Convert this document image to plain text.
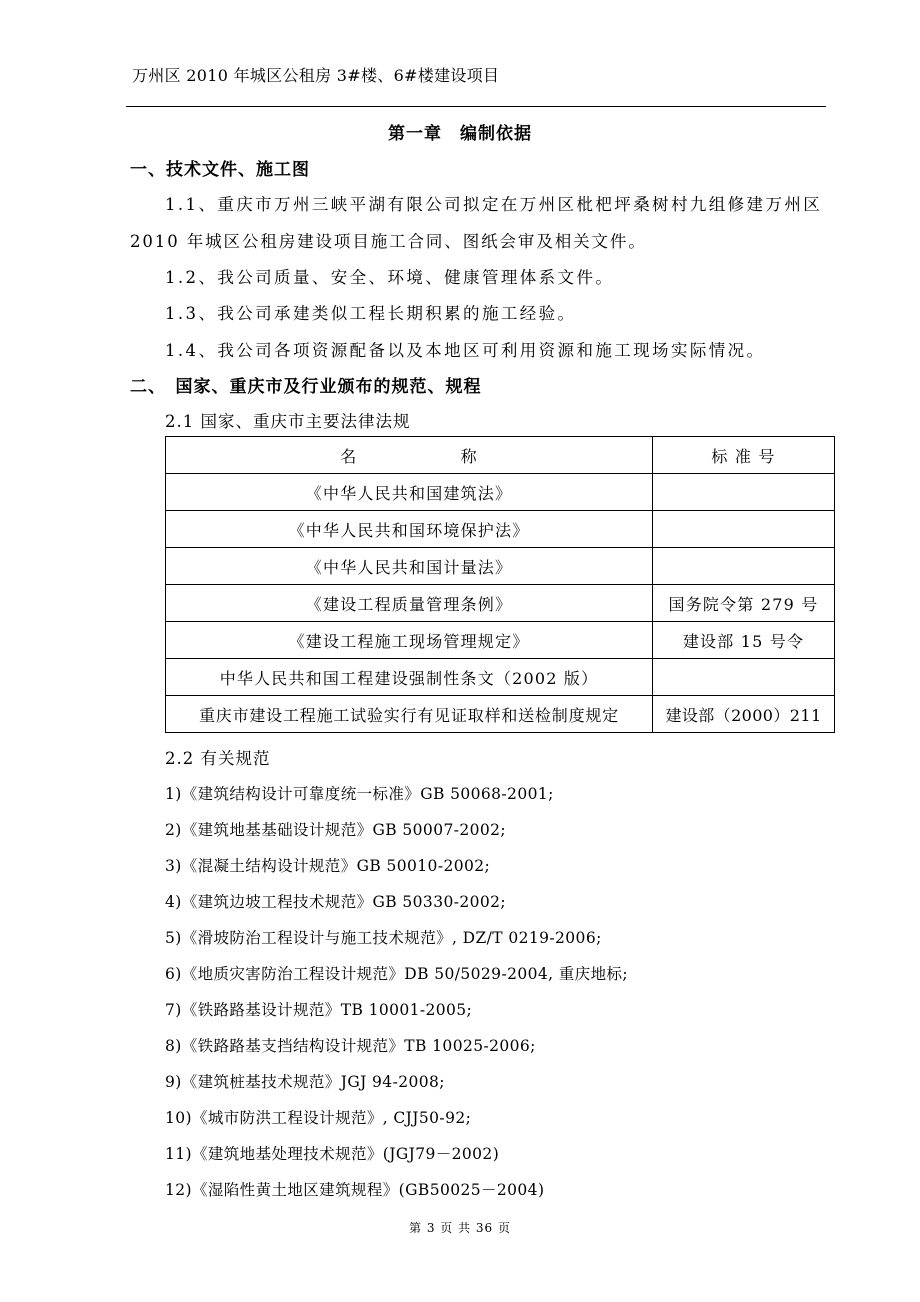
万州区 2010 年城区公租房 3#楼、6#楼建设项目
第一章　编制依据
一、技术文件、施工图
1.1、重庆市万州三峡平湖有限公司拟定在万州区枇杷坪桑树村九组修建万州区
2010 年城区公租房建设项目施工合同、图纸会审及相关文件。
1.2、我公司质量、安全、环境、健康管理体系文件。
1.3、我公司承建类似工程长期积累的施工经验。
1.4、我公司各项资源配备以及本地区可利用资源和施工现场实际情况。
二、　国家、重庆市及行业颁布的规范、规程
2.1 国家、重庆市主要法律法规
名　　　　　　称	标 准 号
《中华人民共和国建筑法》	
《中华人民共和国环境保护法》	
《中华人民共和国计量法》	
《建设工程质量管理条例》	国务院令第 279 号
《建设工程施工现场管理规定》	建设部 15 号令
中华人民共和国工程建设强制性条文（2002 版）	
重庆市建设工程施工试验实行有见证取样和送检制度规定	建设部（2000）211
2.2 有关规范
1)《建筑结构设计可靠度统一标准》GB 50068-2001;
2)《建筑地基基础设计规范》GB 50007-2002;
3)《混凝土结构设计规范》GB 50010-2002;
4)《建筑边坡工程技术规范》GB 50330-2002;
5)《滑坡防治工程设计与施工技术规范》, DZ/T 0219-2006;
6)《地质灾害防治工程设计规范》DB 50/5029-2004, 重庆地标;
7)《铁路路基设计规范》TB 10001-2005;
8)《铁路路基支挡结构设计规范》TB 10025-2006;
9)《建筑桩基技术规范》JGJ 94-2008;
10)《城市防洪工程设计规范》, CJJ50-92;
11)《建筑地基处理技术规范》(JGJ79－2002)
12)《湿陷性黄土地区建筑规程》(GB50025－2004)
第 3 页 共 36 页
